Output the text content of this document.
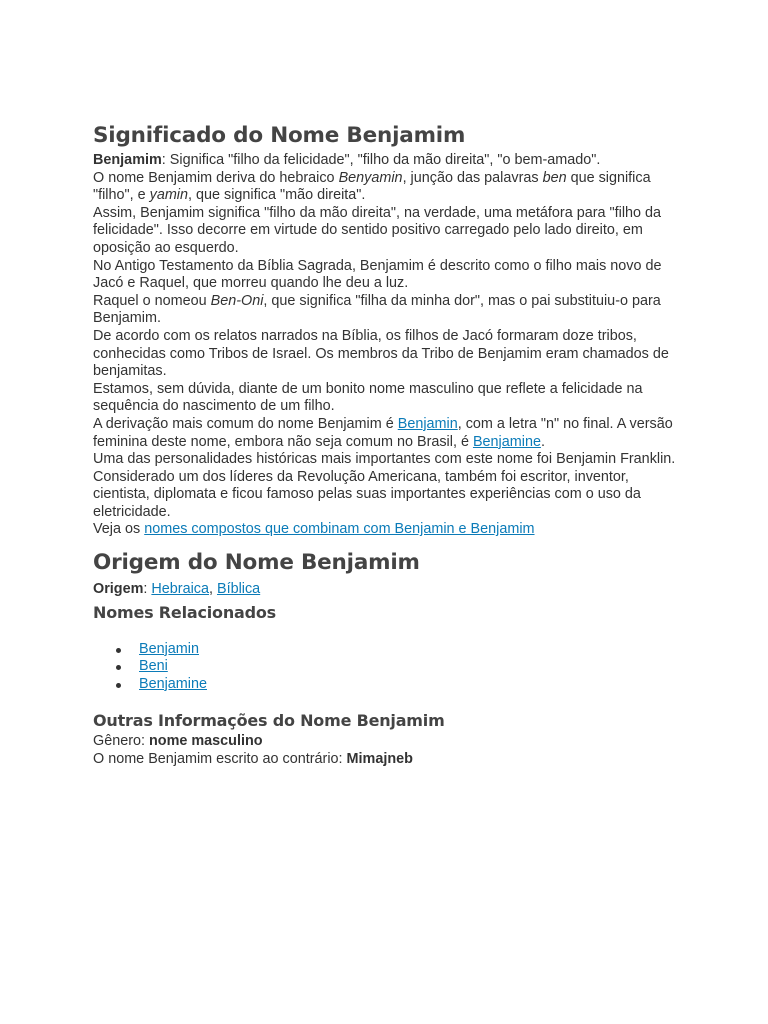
Significado do Nome Benjamim

Benjamim: Significa "filho da felicidade", "filho da mão direita", "o bem-amado".

O nome Benjamim deriva do hebraico Benyamin, junção das palavras ben que significa "filho", e yamin, que significa "mão direita".

Assim, Benjamim significa "filho da mão direita", na verdade, uma metáfora para "filho da felicidade". Isso decorre em virtude do sentido positivo carregado pelo lado direito, em oposição ao esquerdo.

No Antigo Testamento da Bíblia Sagrada, Benjamim é descrito como o filho mais novo de Jacó e Raquel, que morreu quando lhe deu a luz.

Raquel o nomeou Ben-Oni, que significa "filha da minha dor", mas o pai substituiu-o para Benjamim.

De acordo com os relatos narrados na Bíblia, os filhos de Jacó formaram doze tribos, conhecidas como Tribos de Israel. Os membros da Tribo de Benjamim eram chamados de benjamitas.

Estamos, sem dúvida, diante de um bonito nome masculino que reflete a felicidade na sequência do nascimento de um filho.

A derivação mais comum do nome Benjamim é Benjamin, com a letra "n" no final. A versão feminina deste nome, embora não seja comum no Brasil, é Benjamine.

Uma das personalidades históricas mais importantes com este nome foi Benjamin Franklin.

Considerado um dos líderes da Revolução Americana, também foi escritor, inventor, cientista, diplomata e ficou famoso pelas suas importantes experiências com o uso da eletricidade.

Veja os nomes compostos que combinam com Benjamin e Benjamim

Origem do Nome Benjamim

Origem: Hebraica, Bíblica

Nomes Relacionados
Benjamin
Beni
Benjamine
Outras Informações do Nome Benjamim

Gênero: nome masculino

O nome Benjamim escrito ao contrário: Mimajneb
